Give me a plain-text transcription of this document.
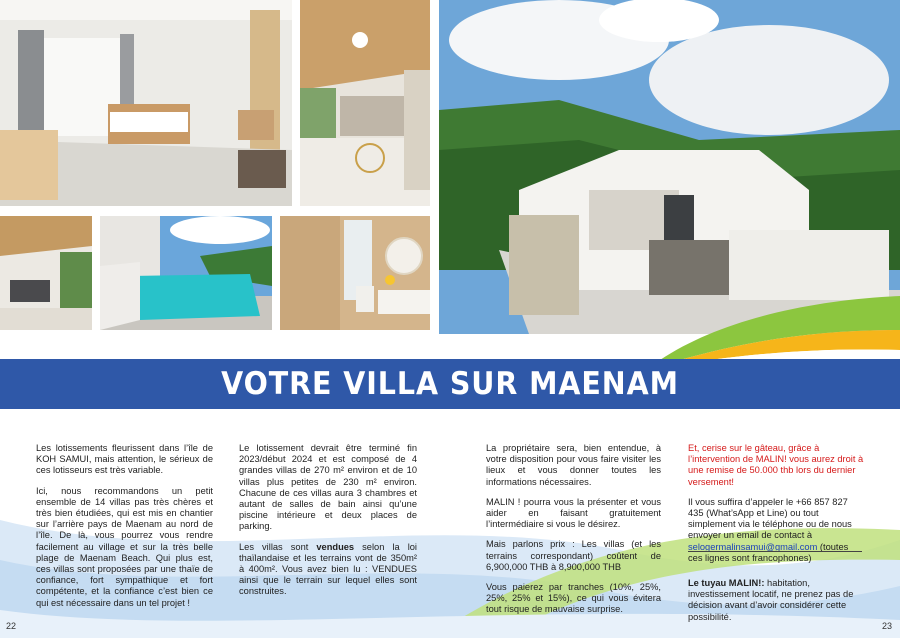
VOTRE VILLA SUR MAENAM

Les lotissements fleurissent dans l’île de KOH SAMUI, mais attention, le sérieux de ces lotisseurs est très variable.

Ici, nous recommandons un petit ensemble de 14 villas pas très chères et très bien étudiées, qui est mis en chantier sur l’arrière pays de Maenam au nord de l’île. De là, vous pourrez vous rendre facilement au village et sur la très belle plage de Maenam Beach. Qui plus est, ces villas sont proposées par une thaïe de confiance, fort sympathique et fort compétente, et la confiance c’est bien ce qui est nécessaire dans un tel projet !

Le lotissement devrait être terminé fin 2023/début 2024 et est composé de 4 grandes villas de 270 m² environ et de 10 villas plus petites de 230 m² environ. Chacune de ces villas aura 3 chambres et autant de salles de bain ainsi qu’une piscine intérieure et deux places de parking.

Les villas sont vendues selon la loi thaïlandaise et les terrains vont de 350m² à 400m². Vous avez bien lu : VENDUES ainsi que le terrain sur lequel elles sont construites.

La propriétaire sera, bien entendue, à votre disposition pour vous faire visiter les lieux et vous donner toutes les informations nécessaires.

MALIN ! pourra vous la présenter et vous aider en faisant gratuitement l’intermédiaire si vous le désirez.

Mais parlons prix : Les villas (et les terrains correspondant) coûtent de 6,900,000 THB à 8,900,000 THB

Vous paierez par tranches (10%, 25%, 25%, 25% et 15%), ce qui vous évitera tout risque de mauvaise surprise.

Et, cerise sur le gâteau, grâce à l’intervention de MALIN! vous aurez droit à une remise de 50.000 thb lors du dernier versement!

Il vous suffira d’appeler le +66 857 827 435 (What’sApp et Line) ou tout simplement via le téléphone ou de nous envoyer un email de contact à selogermalinsamui@gmail.com (toutes ces lignes sont francophones)

Le tuyau MALIN!: habitation, investissement locatif, ne prenez pas de décision avant d’avoir considérer cette possibilité.
22	23
